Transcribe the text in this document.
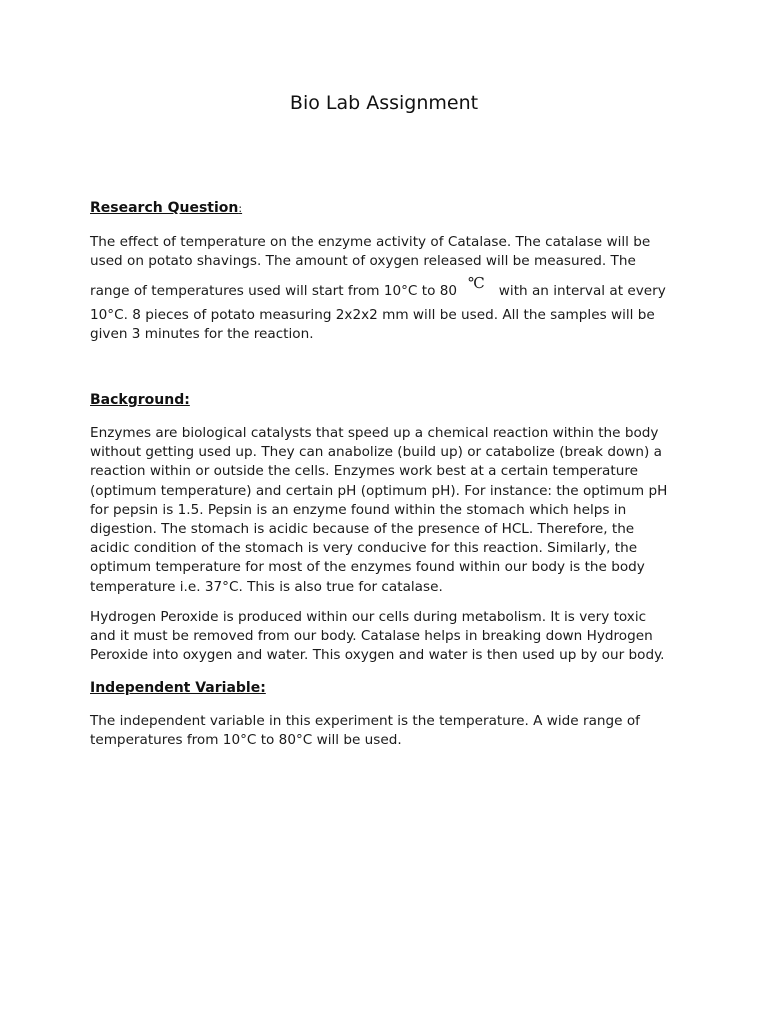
Bio Lab Assignment

Research Question:

The effect of temperature on the enzyme activity of Catalase. The catalase will be
used on potato shavings. The amount of oxygen released will be measured. The

range of temperatures used will start from 10°C to 80 ℃ with an interval at every

10°C. 8 pieces of potato measuring 2x2x2 mm will be used. All the samples will be
given 3 minutes for the reaction.

Background:

Enzymes are biological catalysts that speed up a chemical reaction within the body
without getting used up. They can anabolize (build up) or catabolize (break down) a
reaction within or outside the cells. Enzymes work best at a certain temperature
(optimum temperature) and certain pH (optimum pH). For instance: the optimum pH
for pepsin is 1.5. Pepsin is an enzyme found within the stomach which helps in
digestion. The stomach is acidic because of the presence of HCL. Therefore, the
acidic condition of the stomach is very conducive for this reaction. Similarly, the
optimum temperature for most of the enzymes found within our body is the body
temperature i.e. 37°C. This is also true for catalase.

Hydrogen Peroxide is produced within our cells during metabolism. It is very toxic
and it must be removed from our body. Catalase helps in breaking down Hydrogen
Peroxide into oxygen and water. This oxygen and water is then used up by our body.

Independent Variable:

The independent variable in this experiment is the temperature. A wide range of
temperatures from 10°C to 80°C will be used.
